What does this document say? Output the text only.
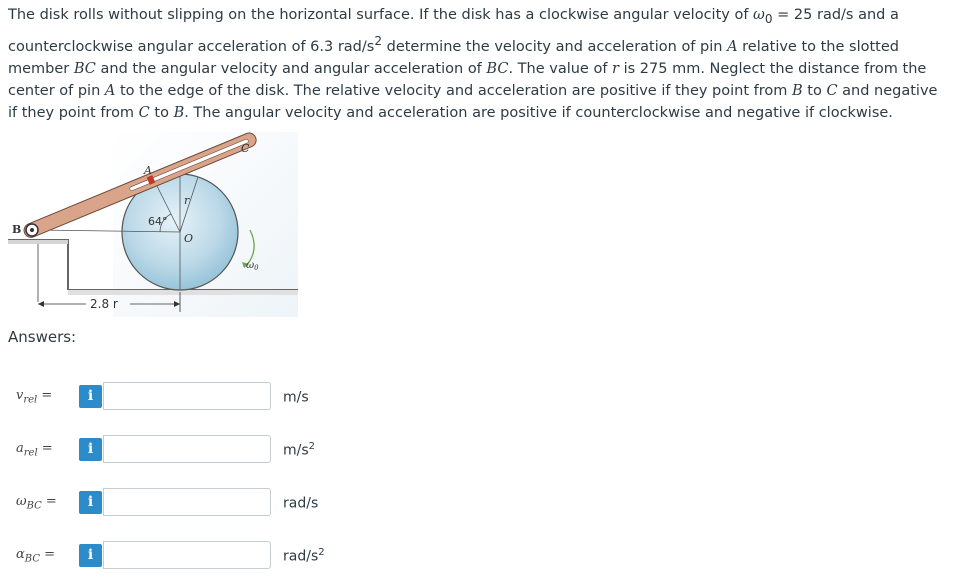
The disk rolls without slipping on the horizontal surface. If the disk has a clockwise angular velocity of $\omega_0 = 25$ rad/s and a counterclockwise angular acceleration of 6.3 rad/$s^2$ determine the velocity and acceleration of pin A relative to the slotted member BC and the angular velocity and angular acceleration of BC. The value of r is 275 mm. Neglect the distance from the center of pin A to the edge of the disk. The relative velocity and acceleration are positive if they point from B to C and negative if they point from C to B. The angular velocity and acceleration are positive if counterclockwise and negative if clockwise.

B
A
C
O
r
64°
$\omega_0$
2.8 r
Answers:
$v_{rel}$ =	i	m/s
$a_{rel}$ =	i	$m/s^2$
$\omega_{BC}$ =	i	rad/s
$\alpha_{BC}$ =	i	rad/$s^2$
